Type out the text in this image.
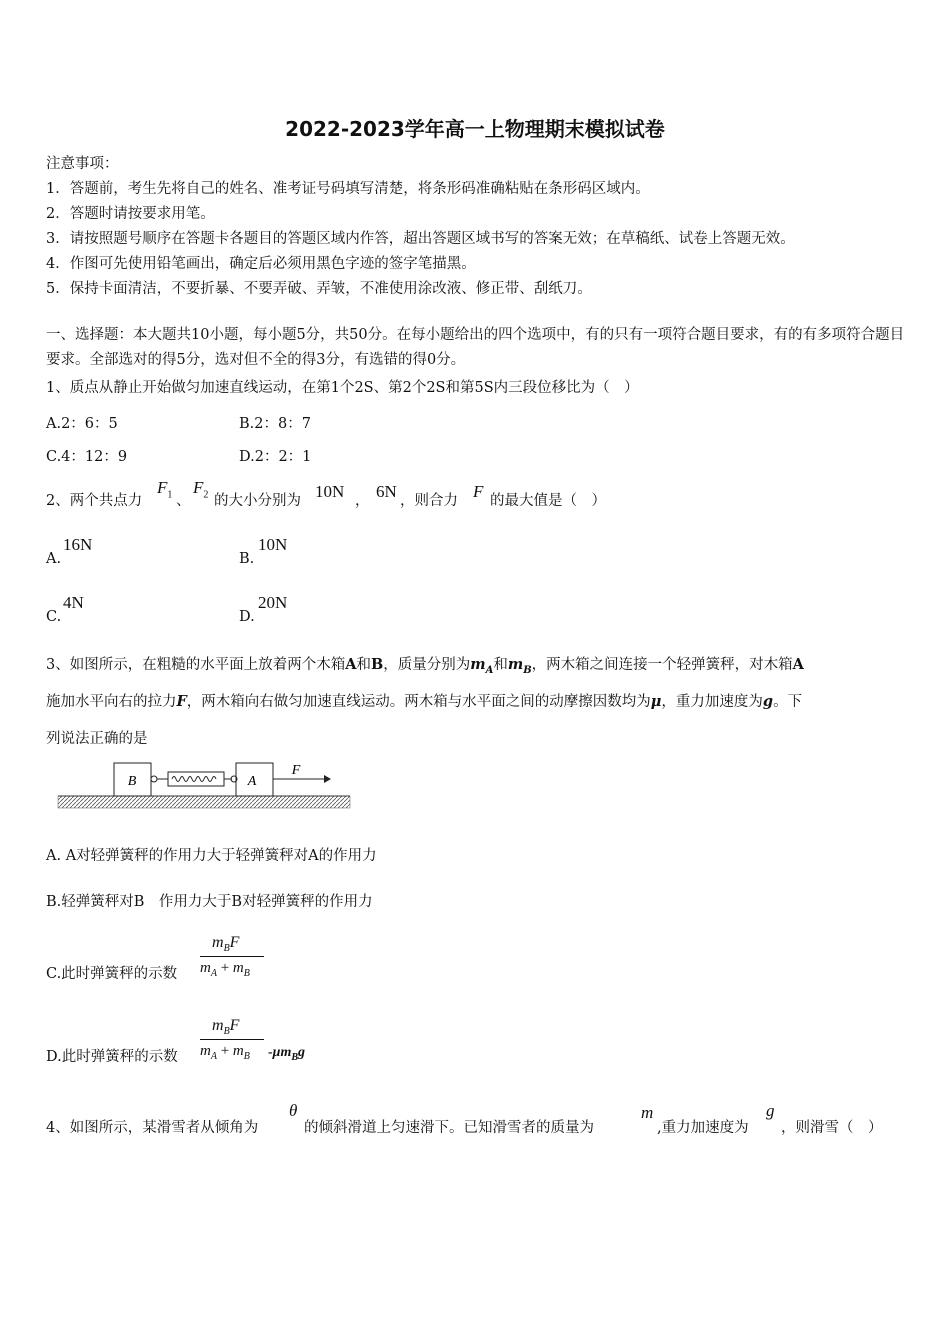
2022-2023学年高一上物理期末模拟试卷
注意事项：
1．答题前，考生先将自己的姓名、准考证号码填写清楚，将条形码准确粘贴在条形码区域内。
2．答题时请按要求用笔。
3．请按照题号顺序在答题卡各题目的答题区域内作答，超出答题区域书写的答案无效；在草稿纸、试卷上答题无效。
4．作图可先使用铅笔画出，确定后必须用黑色字迹的签字笔描黑。
5．保持卡面清洁，不要折暴、不要弄破、弄皱，不准使用涂改液、修正带、刮纸刀。
一、选择题：本大题共10小题，每小题5分，共50分。在每小题给出的四个选项中，有的只有一项符合题目要求，有的有多项符合题目要求。全部选对的得5分，选对但不全的得3分，有选错的得0分。
1、质点从静止开始做匀加速直线运动，在第1个2S、第2个2S和第5S内三段位移比为（　）
A.2：6：5	B.2：8：7
C.4：12：9	D.2：2：1
2、两个共点力
$F_1$ 、
$F_2$ 的大小分别为 10N ， 6N ，则合力 F 的最大值是（　）
A.
16N
B.
10N
C.
4N
D.
20N
3、如图所示，在粗糙的水平面上放着两个木箱A和B，质量分别为$m_A$和$m_B$，两木箱之间连接一个轻弹簧秤，对木箱A
施加水平向右的拉力F，两木箱向右做匀加速直线运动。两木箱与水平面之间的动摩擦因数均为μ，重力加速度为g。下
列说法正确的是
B	A
F
A. A对轻弹簧秤的作用力大于轻弹簧秤对A的作用力
B.轻弹簧秤对B　作用力大于B对轻弹簧秤的作用力
C.此时弹簧秤的示数
$m_BF$
$m_A + m_B$
D.此时弹簧秤的示数
$m_BF$
$m_A + m_B$ $-\mu m_Bg$
4、如图所示，某滑雪者从倾角为
θ
的倾斜滑道上匀速滑下。已知滑雪者的质量为
m
,重力加速度为
g
，则滑雪（　）
